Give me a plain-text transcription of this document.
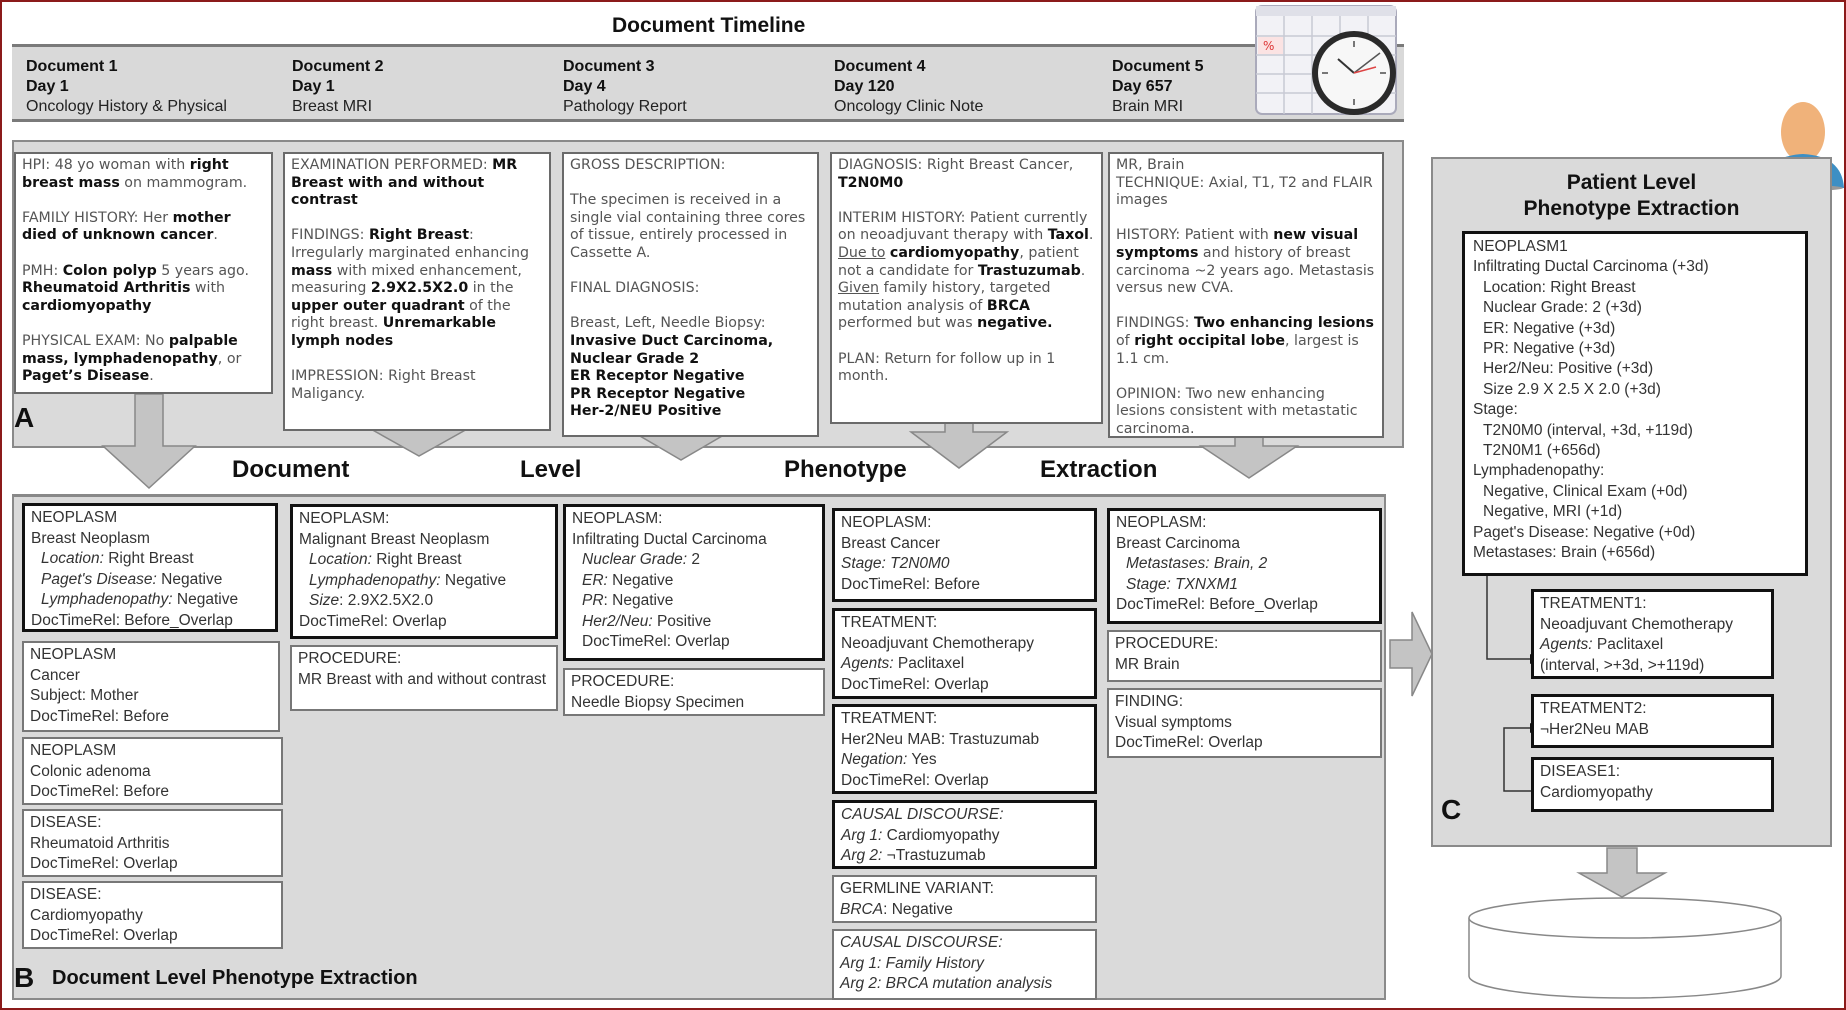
Document Timeline
Document 1
Day 1
Oncology History & Physical
Document 2
Day 1
Breast MRI
Document 3
Day 4
Pathology Report
Document 4
Day 120
Oncology Clinic Note
Document 5
Day 657
Brain MRI
%
A

HPI: 48 yo woman with right breast mass on mammogram.

FAMILY HISTORY: Her mother died of unknown cancer.

PMH: Colon polyp 5 years ago. Rheumatoid Arthritis with cardiomyopathy

PHYSICAL EXAM: No palpable mass, lymphadenopathy, or Paget’s Disease.

EXAMINATION PERFORMED: MR Breast with and without contrast

FINDINGS: Right Breast: Irregularly marginated enhancing mass with mixed enhancement, measuring 2.9X2.5X2.0 in the upper outer quadrant of the right breast. Unremarkable lymph nodes

IMPRESSION: Right Breast Maligancy.

GROSS DESCRIPTION:

The specimen is received in a single vial containing three cores of tissue, entirely processed in Cassette A.

FINAL DIAGNOSIS:

Breast, Left, Needle Biopsy:
Invasive Duct Carcinoma,
Nuclear Grade 2
ER Receptor Negative
PR Receptor Negative
Her-2/NEU Positive

DIAGNOSIS: Right Breast Cancer, T2N0M0

INTERIM HISTORY: Patient currently on neoadjuvant therapy with Taxol. Due to cardiomyopathy, patient not a candidate for Trastuzumab. Given family history, targeted mutation analysis of BRCA performed but was negative.

PLAN: Return for follow up in 1 month.

MR, Brain

TECHNIQUE: Axial, T1, T2 and FLAIR images

HISTORY: Patient with new visual symptoms and history of breast carcinoma ~2 years ago. Metastasis versus new CVA.

FINDINGS: Two enhancing lesions of right occipital lobe, largest is 1.1 cm.

OPINION: Two new enhancing lesions consistent with metastatic carcinoma.

Document	Level	Phenotype	Extraction
B Document Level Phenotype Extraction
NEOPLASM
Breast Neoplasm
Location: Right Breast
Paget's Disease: Negative
Lymphadenopathy: Negative
DocTimeRel: Before_Overlap
NEOPLASM
Cancer
Subject: Mother
DocTimeRel: Before
NEOPLASM
Colonic adenoma
DocTimeRel: Before
DISEASE:
Rheumatoid Arthritis
DocTimeRel: Overlap
DISEASE:
Cardiomyopathy
DocTimeRel: Overlap
NEOPLASM:
Malignant Breast Neoplasm
Location: Right Breast
Lymphadenopathy: Negative
Size: 2.9X2.5X2.0
DocTimeRel: Overlap
PROCEDURE:
MR Breast with and without contrast
NEOPLASM:
Infiltrating Ductal Carcinoma
Nuclear Grade: 2
ER: Negative
PR: Negative
Her2/Neu: Positive
DocTimeRel: Overlap
PROCEDURE:
Needle Biopsy Specimen
NEOPLASM:
Breast Cancer
Stage: T2N0M0
DocTimeRel: Before
TREATMENT:
Neoadjuvant Chemotherapy
Agents: Paclitaxel
DocTimeRel: Overlap
TREATMENT:
Her2Neu MAB: Trastuzumab
Negation: Yes
DocTimeRel: Overlap
CAUSAL DISCOURSE:
Arg 1: Cardiomyopathy
Arg 2: ¬Trastuzumab
GERMLINE VARIANT:
BRCA: Negative
CAUSAL DISCOURSE:
Arg 1: Family History
Arg 2: BRCA mutation analysis
NEOPLASM:
Breast Carcinoma
Metastases: Brain, 2
Stage: TXNXM1
DocTimeRel: Before_Overlap
PROCEDURE:
MR Brain
FINDING:
Visual symptoms
DocTimeRel: Overlap
Patient Level
Phenotype Extraction
C
NEOPLASM1
Infiltrating Ductal Carcinoma (+3d)
Location: Right Breast
Nuclear Grade: 2 (+3d)
ER: Negative (+3d)
PR: Negative (+3d)
Her2/Neu: Positive (+3d)
Size 2.9 X 2.5 X 2.0 (+3d)
Stage:
T2N0M0 (interval, +3d, +119d)
T2N0M1 (+656d)
Lymphadenopathy:
Negative, Clinical Exam (+0d)
Negative, MRI (+1d)
Paget's Disease: Negative (+0d)
Metastases: Brain (+656d)
TREATMENT1:
Neoadjuvant Chemotherapy
Agents: Paclitaxel
(interval, >+3d, >+119d)
TREATMENT2:
¬Her2Neu MAB
DISEASE1:
Cardiomyopathy
